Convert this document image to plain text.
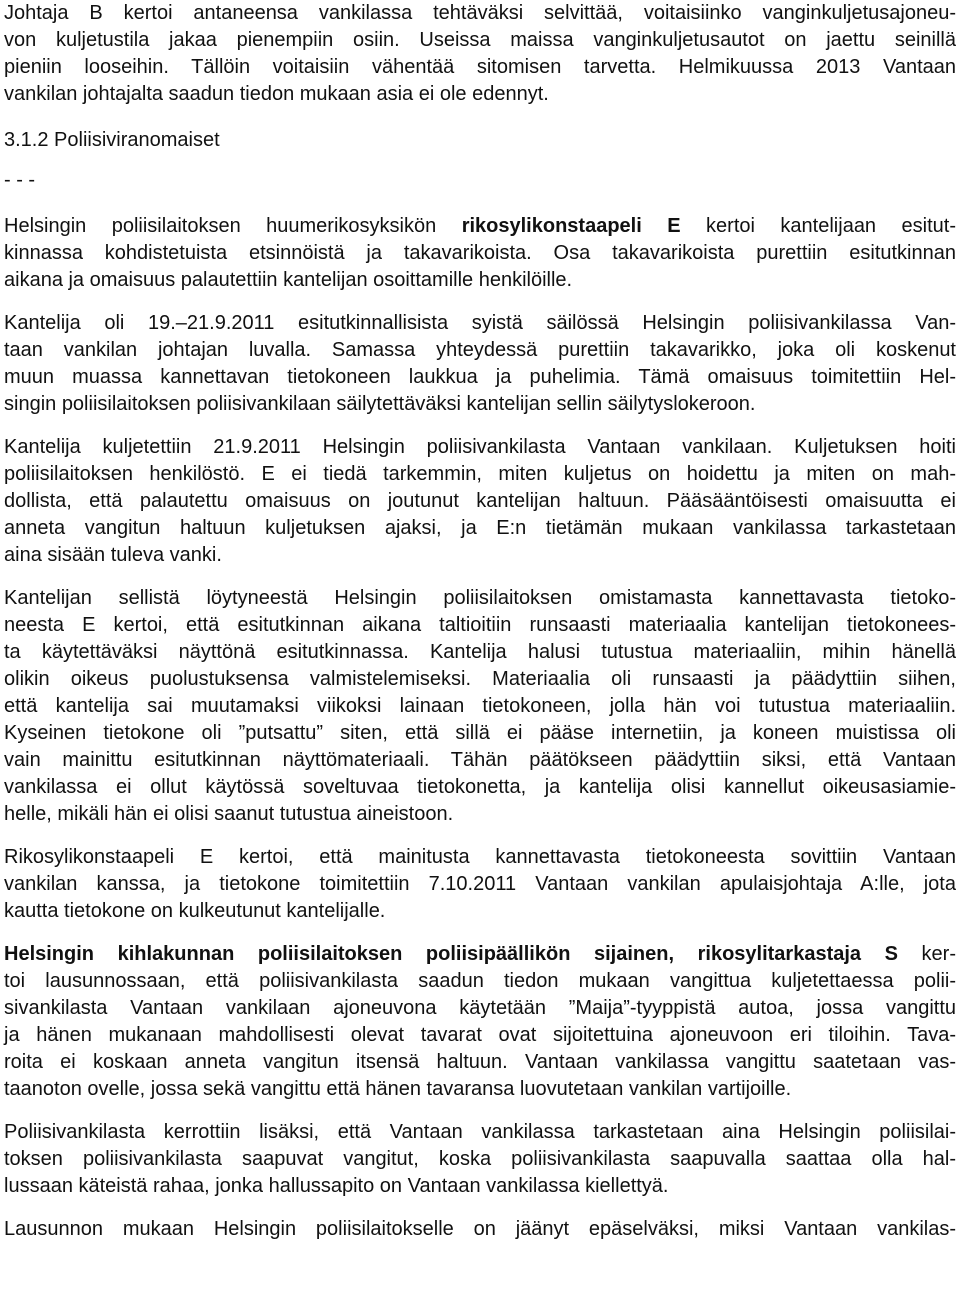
Johtaja B kertoi antaneensa vankilassa tehtäväksi selvittää, voitaisiinko vanginkuljetusajoneu-
von kuljetustila jakaa pienempiin osiin. Useissa maissa vanginkuljetusautot on jaettu seinillä
pieniin looseihin. Tällöin voitaisiin vähentää sitomisen tarvetta. Helmikuussa 2013 Vantaan
vankilan johtajalta saadun tiedon mukaan asia ei ole edennyt.
3.1.2 Poliisiviranomaiset
- - -
Helsingin poliisilaitoksen huumerikosyksikön rikosylikonstaapeli E kertoi kantelijaan esitut-
kinnassa kohdistetuista etsinnöistä ja takavarikoista. Osa takavarikoista purettiin esitutkinnan
aikana ja omaisuus palautettiin kantelijan osoittamille henkilöille.
Kantelija oli 19.–21.9.2011 esitutkinnallisista syistä säilössä Helsingin poliisivankilassa Van-
taan vankilan johtajan luvalla. Samassa yhteydessä purettiin takavarikko, joka oli koskenut
muun muassa kannettavan tietokoneen laukkua ja puhelimia. Tämä omaisuus toimitettiin Hel-
singin poliisilaitoksen poliisivankilaan säilytettäväksi kantelijan sellin säilytyslokeroon.
Kantelija kuljetettiin 21.9.2011 Helsingin poliisivankilasta Vantaan vankilaan. Kuljetuksen hoiti
poliisilaitoksen henkilöstö. E ei tiedä tarkemmin, miten kuljetus on hoidettu ja miten on mah-
dollista, että palautettu omaisuus on joutunut kantelijan haltuun. Pääsääntöisesti omaisuutta ei
anneta vangitun haltuun kuljetuksen ajaksi, ja E:n tietämän mukaan vankilassa tarkastetaan
aina sisään tuleva vanki.
Kantelijan sellistä löytyneestä Helsingin poliisilaitoksen omistamasta kannettavasta tietoko-
neesta E kertoi, että esitutkinnan aikana taltioitiin runsaasti materiaalia kantelijan tietokonees-
ta käytettäväksi näyttönä esitutkinnassa. Kantelija halusi tutustua materiaaliin, mihin hänellä
olikin oikeus puolustuksensa valmistelemiseksi. Materiaalia oli runsaasti ja päädyttiin siihen,
että kantelija sai muutamaksi viikoksi lainaan tietokoneen, jolla hän voi tutustua materiaaliin.
Kyseinen tietokone oli ”putsattu” siten, että sillä ei pääse internetiin, ja koneen muistissa oli
vain mainittu esitutkinnan näyttömateriaali. Tähän päätökseen päädyttiin siksi, että Vantaan
vankilassa ei ollut käytössä soveltuvaa tietokonetta, ja kantelija olisi kannellut oikeusasiamie-
helle, mikäli hän ei olisi saanut tutustua aineistoon.
Rikosylikonstaapeli E kertoi, että mainitusta kannettavasta tietokoneesta sovittiin Vantaan
vankilan kanssa, ja tietokone toimitettiin 7.10.2011 Vantaan vankilan apulaisjohtaja A:lle, jota
kautta tietokone on kulkeutunut kantelijalle.
Helsingin kihlakunnan poliisilaitoksen poliisipäällikön sijainen, rikosylitarkastaja S ker-
toi lausunnossaan, että poliisivankilasta saadun tiedon mukaan vangittua kuljetettaessa polii-
sivankilasta Vantaan vankilaan ajoneuvona käytetään ”Maija”-tyyppistä autoa, jossa vangittu
ja hänen mukanaan mahdollisesti olevat tavarat ovat sijoitettuina ajoneuvoon eri tiloihin. Tava-
roita ei koskaan anneta vangitun itsensä haltuun. Vantaan vankilassa vangittu saatetaan vas-
taanoton ovelle, jossa sekä vangittu että hänen tavaransa luovutetaan vankilan vartijoille.
Poliisivankilasta kerrottiin lisäksi, että Vantaan vankilassa tarkastetaan aina Helsingin poliisilai-
toksen poliisivankilasta saapuvat vangitut, koska poliisivankilasta saapuvalla saattaa olla hal-
lussaan käteistä rahaa, jonka hallussapito on Vantaan vankilassa kiellettyä.
Lausunnon mukaan Helsingin poliisilaitokselle on jäänyt epäselväksi, miksi Vantaan vankilas-
